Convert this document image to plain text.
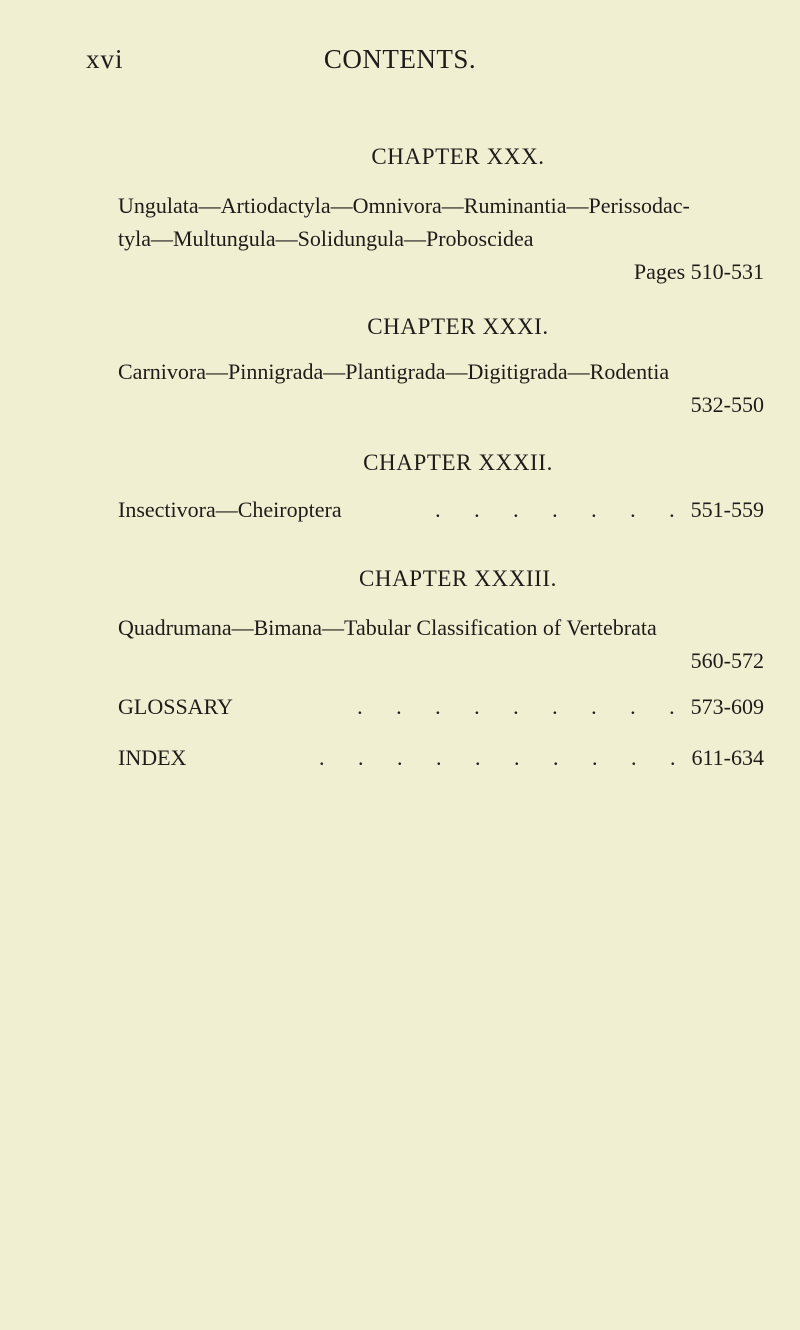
xvi	CONTENTS.
CHAPTER XXX.
Ungulata—Artiodactyla—Omnivora—Ruminantia—Perissodac-
tyla—Multungula—Solidungula—Proboscidea
Pages 510-531
CHAPTER XXXI.
Carnivora—Pinnigrada—Plantigrada—Digitigrada—Rodentia
532-550
CHAPTER XXXII.
Insectivora—Cheiroptera	. . . . . . . 551-559
CHAPTER XXXIII.
Quadrumana—Bimana—Tabular Classification of Vertebrata
560-572
GLOSSARY	. . . . . . . . . 573-609
INDEX	. . . . . . . . . . 611-634
